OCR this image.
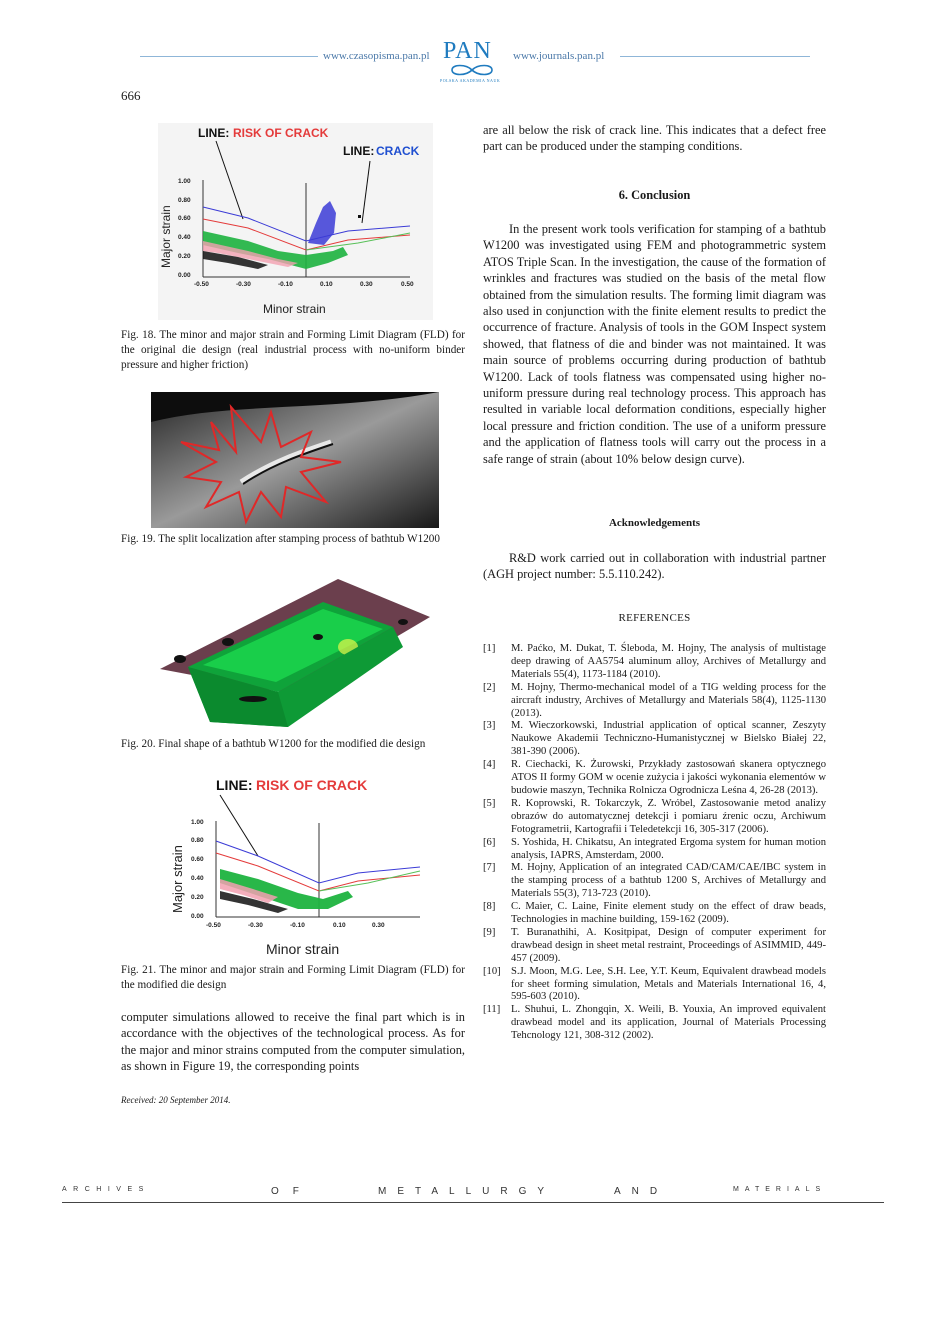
www.czasopisma.pan.pl PAN
POLSKA AKADEMIA NAUK
www.journals.pan.pl
666
LINE: RISK OF CRACK
LINE: CRACK
1.00
0.80
0.60
0.40
0.20
0.00
-0.50	-0.30	-0.10	0.10	0.30	0.50
Major strain
Minor strain
Fig. 18. The minor and major strain and Forming Limit Diagram (FLD) for the original die design (real industrial process with no-uniform binder pressure and higher friction)
Fig. 19. The split localization after stamping process of bathtub W1200
Fig. 20. Final shape of a bathtub W1200 for the modified die design
LINE: RISK OF CRACK
1.00
0.80
0.60
0.40
0.20
0.00
-0.50	-0.30	-0.10	0.10	0.30
Major strain
Minor strain
Fig. 21. The minor and major strain and Forming Limit Diagram (FLD) for the modified die design
computer simulations allowed to receive the final part which is in accordance with the objectives of the technological process. As for the major and minor strains computed from the computer simulation, as shown in Figure 19, the corresponding points
are all below the risk of crack line. This indicates that a defect free part can be produced under the stamping conditions.
6. Conclusion
In the present work tools verification for stamping of a bathtub W1200 was investigated using FEM and photogrammetric system ATOS Triple Scan. In the investigation, the cause of the formation of wrinkles and fractures was studied on the basis of the metal flow obtained from the simulation results. The forming limit diagram was also used in conjunction with the finite element results to predict the occurrence of fracture. Analysis of tools in the GOM Inspect system showed, that flatness of die and binder was not maintained. It was main source of problems occurring during production of bathtub W1200. Lack of tools flatness was compensated using higher no-uniform pressure during real technology process. This approach has resulted in variable local deformation conditions, especially higher local pressure and friction condition. The use of a uniform pressure and the application of flatness tools will carry out the process in a safe range of strain (about 10% below design curve).
Acknowledgements
R&D work carried out in collaboration with industrial partner (AGH project number: 5.5.110.242).
REFERENCES
[1]	M. Paćko, M. Dukat, T. Śleboda, M. Hojny, The analysis of multistage deep drawing of AA5754 aluminum alloy, Archives of Metallurgy and Materials 55(4), 1173-1184 (2010).
[2]	M. Hojny, Thermo-mechanical model of a TIG welding process for the aircraft industry, Archives of Metallurgy and Materials 58(4), 1125-1130 (2013).
[3]	M. Wieczorkowski, Industrial application of optical scanner, Zeszyty Naukowe Akademii Techniczno-Humanistycznej w Bielsko Białej 22, 381-390 (2006).
[4]	R. Ciechacki, K. Żurowski, Przykłady zastosowań skanera optycznego ATOS II formy GOM w ocenie zużycia i jakości wykonania elementów w budowie maszyn, Technika Rolnicza Ogrodnicza Leśna 4, 26-28 (2013).
[5]	R. Koprowski, R. Tokarczyk, Z. Wróbel, Zastosowanie metod analizy obrazów do automatycznej detekcji i pomiaru źrenic oczu, Archiwum Fotogrametrii, Kartografii i Teledetekcji 16, 305-317 (2006).
[6]	S. Yoshida, H. Chikatsu, An integrated Ergoma system for human motion analysis, IAPRS, Amsterdam, 2000.
[7]	M. Hojny, Application of an integrated CAD/CAM/CAE/IBC system in the stamping process of a bathtub 1200 S, Archives of Metallurgy and Materials 55(3), 713-723 (2010).
[8]	C. Maier, C. Laine, Finite element study on the effect of draw beads, Technologies in machine building, 159-162 (2009).
[9]	T. Buranathihi, A. Kositpipat, Design of computer experiment for drawbead design in sheet metal restraint, Proceedings of ASIMMID, 449-457 (2009).
[10] S.J. Moon, M.G. Lee, S.H. Lee, Y.T. Keum, Equivalent drawbead models for sheet forming simulation, Metals and Materials International 16, 4, 595-603 (2010).
[11]	L. Shuhui, L. Zhongqin, X. Weili, B. Youxia, An improved equivalent drawbead model and its application, Journal of Materials Processing Tehcnology 121, 308-312 (2002).
Received: 20 September 2014.
ARCHIVES	OF	METALLURGY	AND	MATERIALS
